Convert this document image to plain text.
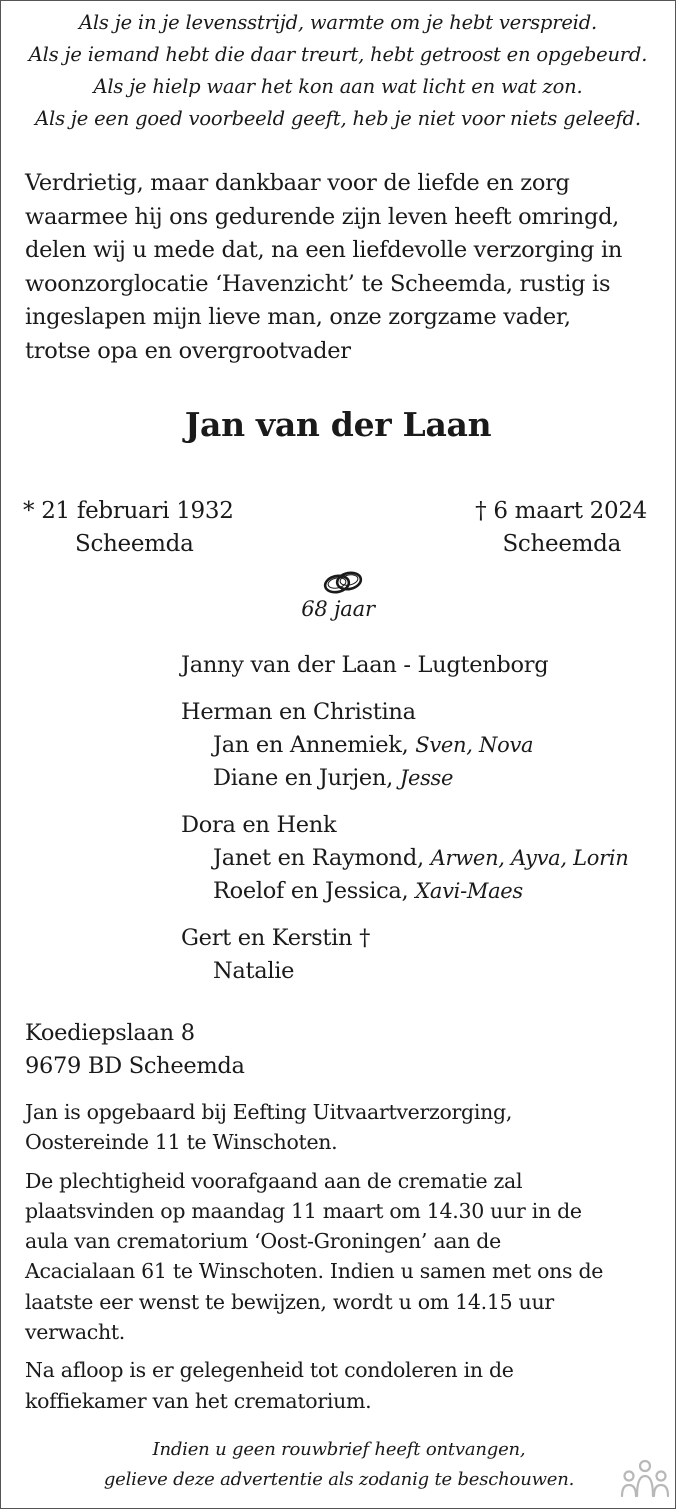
Als je in je levensstrijd, warmte om je hebt verspreid.
Als je iemand hebt die daar treurt, hebt getroost en opgebeurd.
Als je hielp waar het kon aan wat licht en wat zon.
Als je een goed voorbeeld geeft, heb je niet voor niets geleefd.
Verdrietig, maar dankbaar voor de liefde en zorg
waarmee hij ons gedurende zijn leven heeft omringd,
delen wij u mede dat, na een liefdevolle verzorging in
woonzorglocatie ‘Havenzicht’ te Scheemda, rustig is
ingeslapen mijn lieve man, onze zorgzame vader,
trotse opa en overgrootvader
Jan van der Laan
* 21 februari 1932
Scheemda
† 6 maart 2024
Scheemda
68 jaar
Janny van der Laan - Lugtenborg
Herman en Christina
Jan en Annemiek, Sven, Nova
Diane en Jurjen, Jesse
Dora en Henk
Janet en Raymond, Arwen, Ayva, Lorin
Roelof en Jessica, Xavi-Maes
Gert en Kerstin †
Natalie
Koediepslaan 8
9679 BD Scheemda
Jan is opgebaard bij Eefting Uitvaartverzorging,
Oostereinde 11 te Winschoten.
De plechtigheid voorafgaand aan de crematie zal
plaatsvinden op maandag 11 maart om 14.30 uur in de
aula van crematorium ‘Oost-Groningen’ aan de
Acacialaan 61 te Winschoten. Indien u samen met ons de
laatste eer wenst te bewijzen, wordt u om 14.15 uur
verwacht.
Na afloop is er gelegenheid tot condoleren in de
koffiekamer van het crematorium.
Indien u geen rouwbrief heeft ontvangen,
gelieve deze advertentie als zodanig te beschouwen.
